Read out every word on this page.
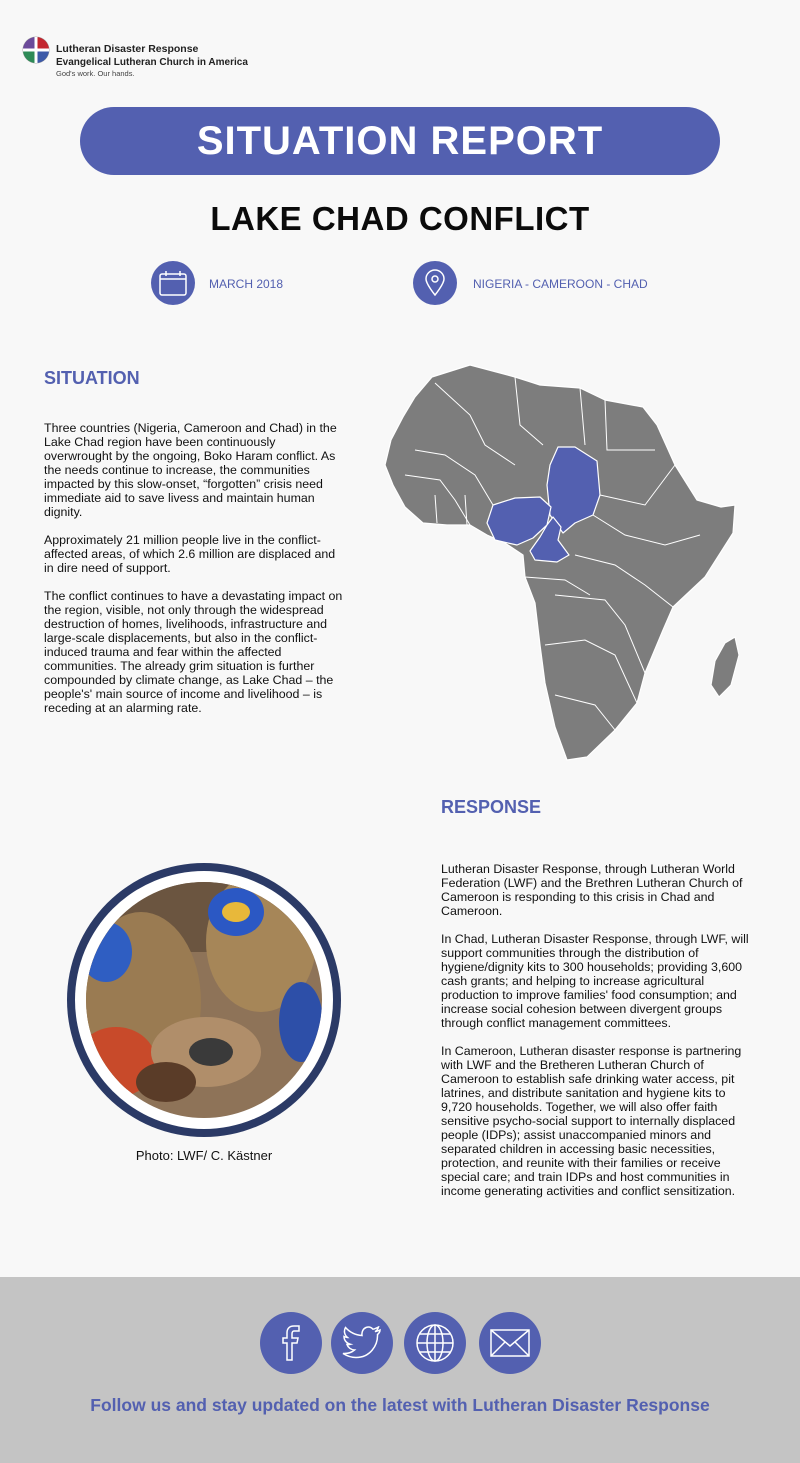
Lutheran Disaster Response
Evangelical Lutheran Church in America
God's work. Our hands.
SITUATION REPORT
LAKE CHAD CONFLICT
MARCH 2018	NIGERIA - CAMEROON - CHAD
SITUATION

Three countries (Nigeria, Cameroon and Chad) in the Lake Chad region have been continuously overwrought by the ongoing, Boko Haram conflict. As the needs continue to increase, the communities impacted by this slow-onset, “forgotten” crisis need immediate aid to save livess and maintain human dignity.

Approximately 21 million people live in the conflict-affected areas, of which 2.6 million are displaced and in dire need of support.

The conflict continues to have a devastating impact on the region, visible, not only through the widespread destruction of homes, livelihoods, infrastructure and large-scale displacements, but also in the conflict-induced trauma and fear within the affected communities. The already grim situation is further compounded by climate change, as Lake Chad – the people's' main source of income and livelihood – is receding at an alarming rate.

RESPONSE

Lutheran Disaster Response, through Lutheran World Federation (LWF) and the Brethren Lutheran Church of Cameroon is responding to this crisis in Chad and Cameroon.

In Chad, Lutheran Disaster Response, through LWF, will support communities through the distribution of hygiene/dignity kits to 300 households; providing 3,600 cash grants; and helping to increase agricultural production to improve families' food consumption; and increase social cohesion between divergent groups through conflict management committees.

In Cameroon, Lutheran disaster response is partnering with LWF and the Bretheren Lutheran Church of Cameroon to establish safe drinking water access, pit latrines, and distribute sanitation and hygiene kits to 9,720 households. Together, we will also offer faith sensitive psycho-social support to internally displaced people (IDPs); assist unaccompanied minors and separated children in accessing basic necessities, protection, and reunite with their families or receive special care; and train IDPs and host communities in income generating activities and conflict sensitization.

Photo: LWF/ C. Kästner
Follow us and stay updated on the latest with Lutheran Disaster Response
